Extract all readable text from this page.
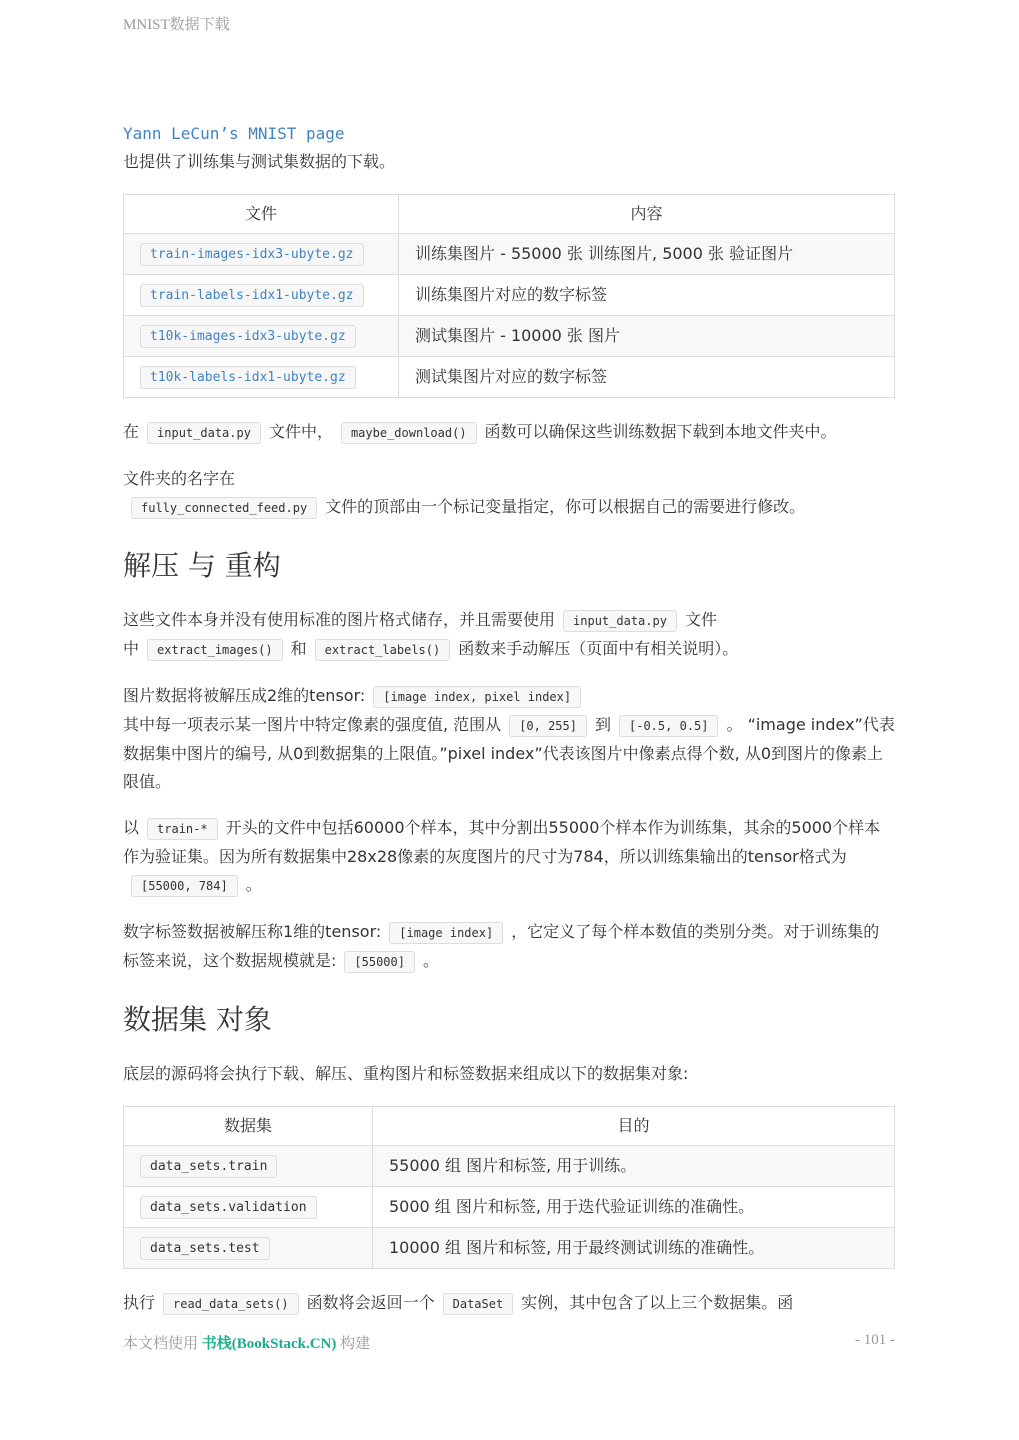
MNIST数据下载
Yann LeCun’s MNIST page

也提供了训练集与测试集数据的下载。

文件	内容
train-images-idx3-ubyte.gz	训练集图片 - 55000 张 训练图片, 5000 张 验证图片
train-labels-idx1-ubyte.gz	训练集图片对应的数字标签
t10k-images-idx3-ubyte.gz	测试集图片 - 10000 张 图片
t10k-labels-idx1-ubyte.gz	测试集图片对应的数字标签

在 input_data.py 文件中， maybe_download() 函数可以确保这些训练数据下载到本地文件夹中。

文件夹的名字在
fully_connected_feed.py 文件的顶部由一个标记变量指定，你可以根据自己的需要进行修改。

解压 与 重构

这些文件本身并没有使用标准的图片格式储存，并且需要使用 input_data.py 文件
中 extract_images() 和 extract_labels() 函数来手动解压（页面中有相关说明）。

图片数据将被解压成2维的tensor: [image index, pixel index]
其中每一项表示某一图片中特定像素的强度值, 范围从 [0, 255] 到 [-0.5, 0.5] 。 “image index”代表数据集中图片的编号, 从0到数据集的上限值。”pixel index”代表该图片中像素点得个数, 从0到图片的像素上限值。

以 train-* 开头的文件中包括60000个样本，其中分割出55000个样本作为训练集，其余的5000个样本作为验证集。因为所有数据集中28x28像素的灰度图片的尺寸为784，所以训练集输出的tensor格式为[55000, 784] 。

数字标签数据被解压称1维的tensor: [image index] ，它定义了每个样本数值的类别分类。对于训练集的标签来说，这个数据规模就是: [55000] 。

数据集 对象

底层的源码将会执行下载、解压、重构图片和标签数据来组成以下的数据集对象:

数据集	目的
data_sets.train	55000 组 图片和标签, 用于训练。
data_sets.validation	5000 组 图片和标签, 用于迭代验证训练的准确性。
data_sets.test	10000 组 图片和标签, 用于最终测试训练的准确性。

执行 read_data_sets() 函数将会返回一个 DataSet 实例，其中包含了以上三个数据集。函

本文档使用 书栈(BookStack.CN) 构建	- 101 -
